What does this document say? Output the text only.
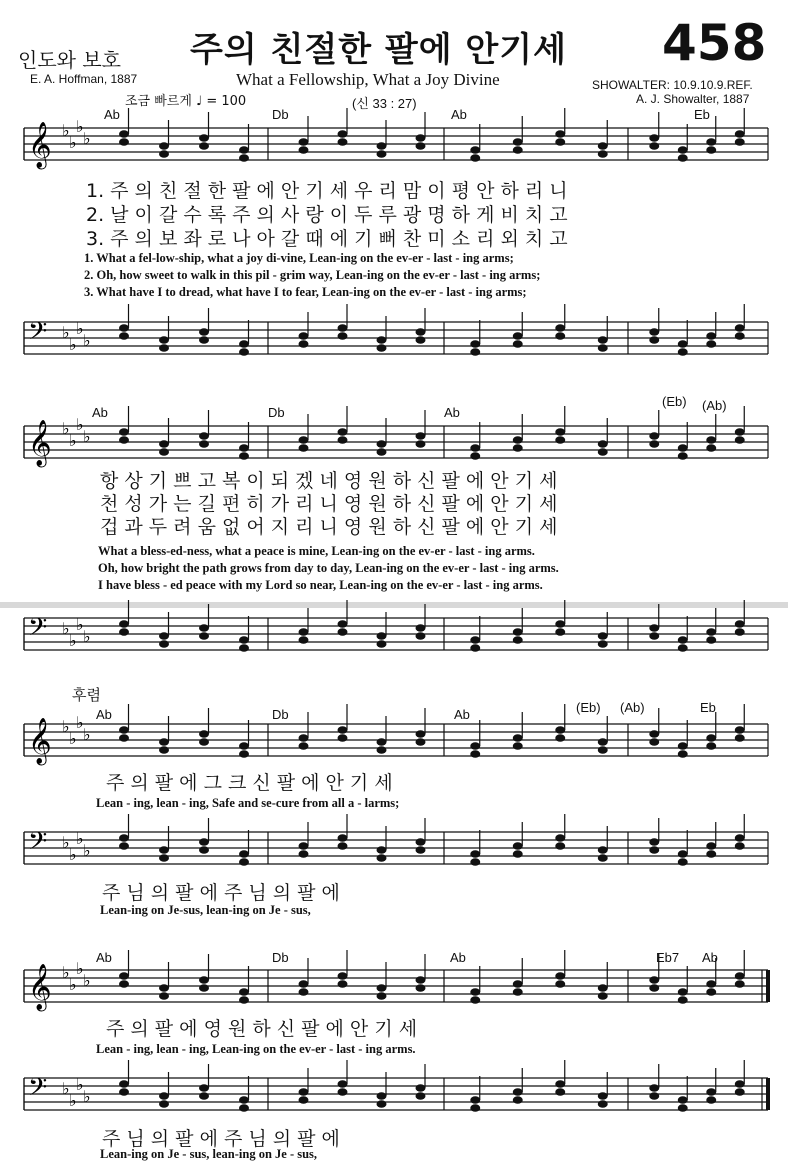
인도와 보호 주의 친절한 팔에 안기세 458
E. A. Hoffman, 1887	What a Fellowship, What a Joy Divine	SHOWALTER: 10.9.10.9.REF.
A. J. Showalter, 1887
조금 빠르게 ♩ = 100	(신 33 : 27)
Ab	Db	Ab	Eb
𝄞 ♭
♭
♭
♭
1. 주 의 친 절 한 팔 에 안 기 세 우 리 맘 이 평 안 하 리 니
2. 날 이 갈 수 록 주 의 사 랑 이 두 루 광 명 하 게 비 치 고
3. 주 의 보 좌 로 나 아 갈 때 에 기 뻐 찬 미 소 리 외 치 고
1. What a fel-low-ship, what a joy di-vine, Lean-ing on the ev-er - last - ing arms;
2. Oh, how sweet to walk in this pil - grim way, Lean-ing on the ev-er - last - ing arms;
3. What have I to dread, what have I to fear, Lean-ing on the ev-er - last - ing arms;
𝄢 ♭
♭
♭
♭
Ab	Db	Ab
(Eb) (Ab)
𝄞 ♭
♭
♭
♭
항 상 기 쁘 고 복 이 되 겠 네 영 원 하 신 팔 에 안 기 세
천 성 가 는 길 편 히 가 리 니 영 원 하 신 팔 에 안 기 세
겁 과 두 려 움 없 어 지 리 니 영 원 하 신 팔 에 안 기 세
What a bless-ed-ness, what a peace is mine, Lean-ing on the ev-er - last - ing arms.
Oh, how bright the path grows from day to day, Lean-ing on the ev-er - last - ing arms.
I have bless - ed peace with my Lord so near, Lean-ing on the ev-er - last - ing arms.
𝄢 ♭
♭
♭
♭
후렴
Ab	Db	Ab	(Eb) (Ab)	Eb
𝄞 ♭
♭
♭
♭
주 의 팔 에 그 크 신 팔 에 안 기 세
Lean - ing, lean - ing, Safe and se-cure from all a - larms;
𝄢 ♭
♭
♭
♭
주 님 의 팔 에 주 님 의 팔 에
Lean-ing on Je-sus, lean-ing on Je - sus,
Ab	Db	Ab	Eb7 Ab
𝄞 ♭
♭
♭
♭
주 의 팔 에 영 원 하 신 팔 에 안 기 세
Lean - ing, lean - ing, Lean-ing on the ev-er - last - ing arms.
𝄢 ♭
♭
♭
♭
주 님 의 팔 에 주 님 의 팔 에
Lean-ing on Je - sus, lean-ing on Je - sus,
